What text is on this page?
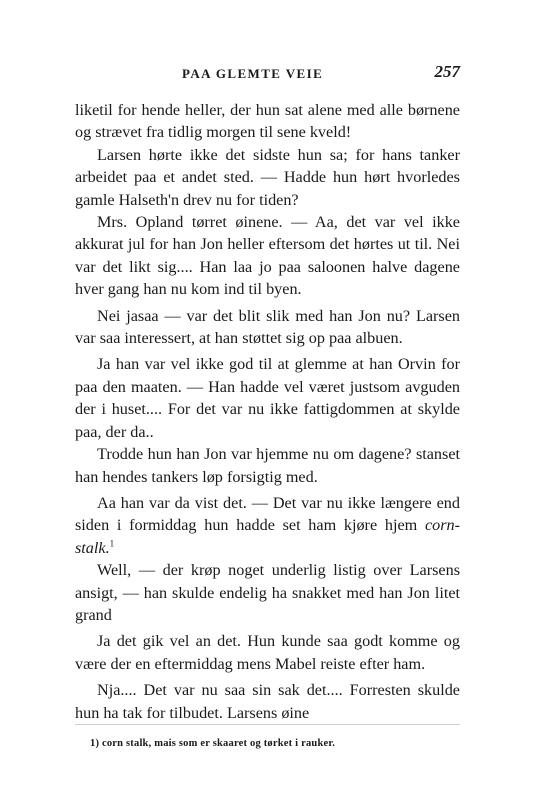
PAA GLEMTE VEIE	257

liketil for hende heller, der hun sat alene med alle børnene og strævet fra tidlig morgen til sene kveld!

Larsen hørte ikke det sidste hun sa; for hans tanker arbeidet paa et andet sted. — Hadde hun hørt hvorledes gamle Halseth'n drev nu for tiden?

Mrs. Opland tørret øinene. — Aa, det var vel ikke akkurat jul for han Jon heller eftersom det hørtes ut til. Nei var det likt sig.... Han laa jo paa saloonen halve dagene hver gang han nu kom ind til byen.

Nei jasaa — var det blit slik med han Jon nu? Larsen var saa interessert, at han støttet sig op paa albuen.

Ja han var vel ikke god til at glemme at han Orvin for paa den maaten. — Han hadde vel været justsom avguden der i huset.... For det var nu ikke fattigdommen at skylde paa, der da..

Trodde hun han Jon var hjemme nu om dagene? stanset han hendes tankers løp forsigtig med.

Aa han var da vist det. — Det var nu ikke længere end siden i formiddag hun hadde set ham kjøre hjem corn-stalk.$^1$

Well, — der krøp noget underlig listig over Larsens ansigt, — han skulde endelig ha snakket med han Jon litet grand

Ja det gik vel an det. Hun kunde saa godt komme og være der en eftermiddag mens Mabel reiste efter ham.

Nja.... Det var nu saa sin sak det.... Forresten skulde hun ha tak for tilbudet. Larsens øine

1) corn stalk, mais som er skaaret og tørket i rauker.
